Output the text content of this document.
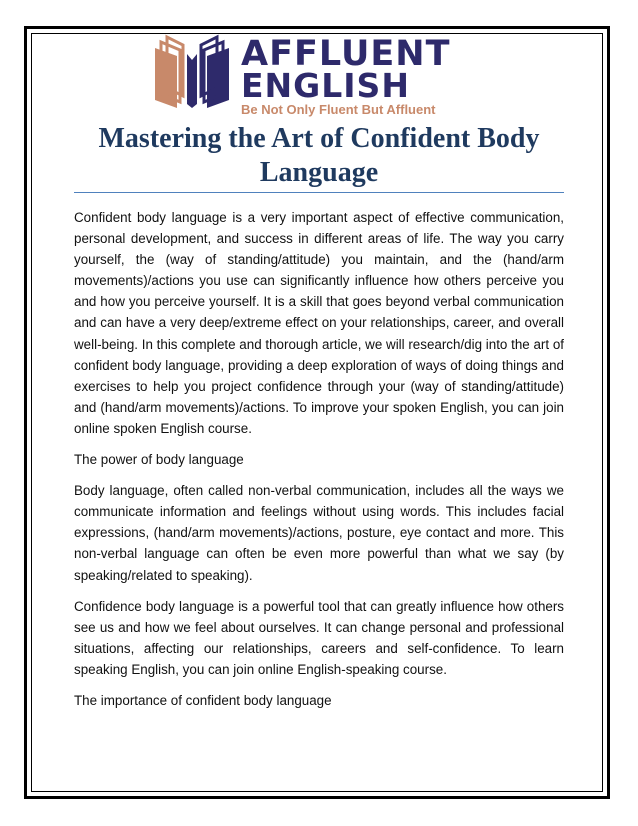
AFFLUENT
ENGLISH
Be Not Only Fluent But Affluent
Mastering the Art of Confident Body Language

Confident body language is a very important aspect of effective communication, personal development, and success in different areas of life. The way you carry yourself, the (way of standing/attitude) you maintain, and the (hand/arm movements)/actions you use can significantly influence how others perceive you and how you perceive yourself. It is a skill that goes beyond verbal communication and can have a very deep/extreme effect on your relationships, career, and overall well-being. In this complete and thorough article, we will research/dig into the art of confident body language, providing a deep exploration of ways of doing things and exercises to help you project confidence through your (way of standing/attitude) and (hand/arm movements)/actions. To improve your spoken English, you can join online spoken English course.

The power of body language

Body language, often called non-verbal communication, includes all the ways we communicate information and feelings without using words. This includes facial expressions, (hand/arm movements)/actions, posture, eye contact and more. This non-verbal language can often be even more powerful than what we say (by speaking/related to speaking).

Confidence body language is a powerful tool that can greatly influence how others see us and how we feel about ourselves. It can change personal and professional situations, affecting our relationships, careers and self-confidence. To learn speaking English, you can join online English-speaking course.

The importance of confident body language
